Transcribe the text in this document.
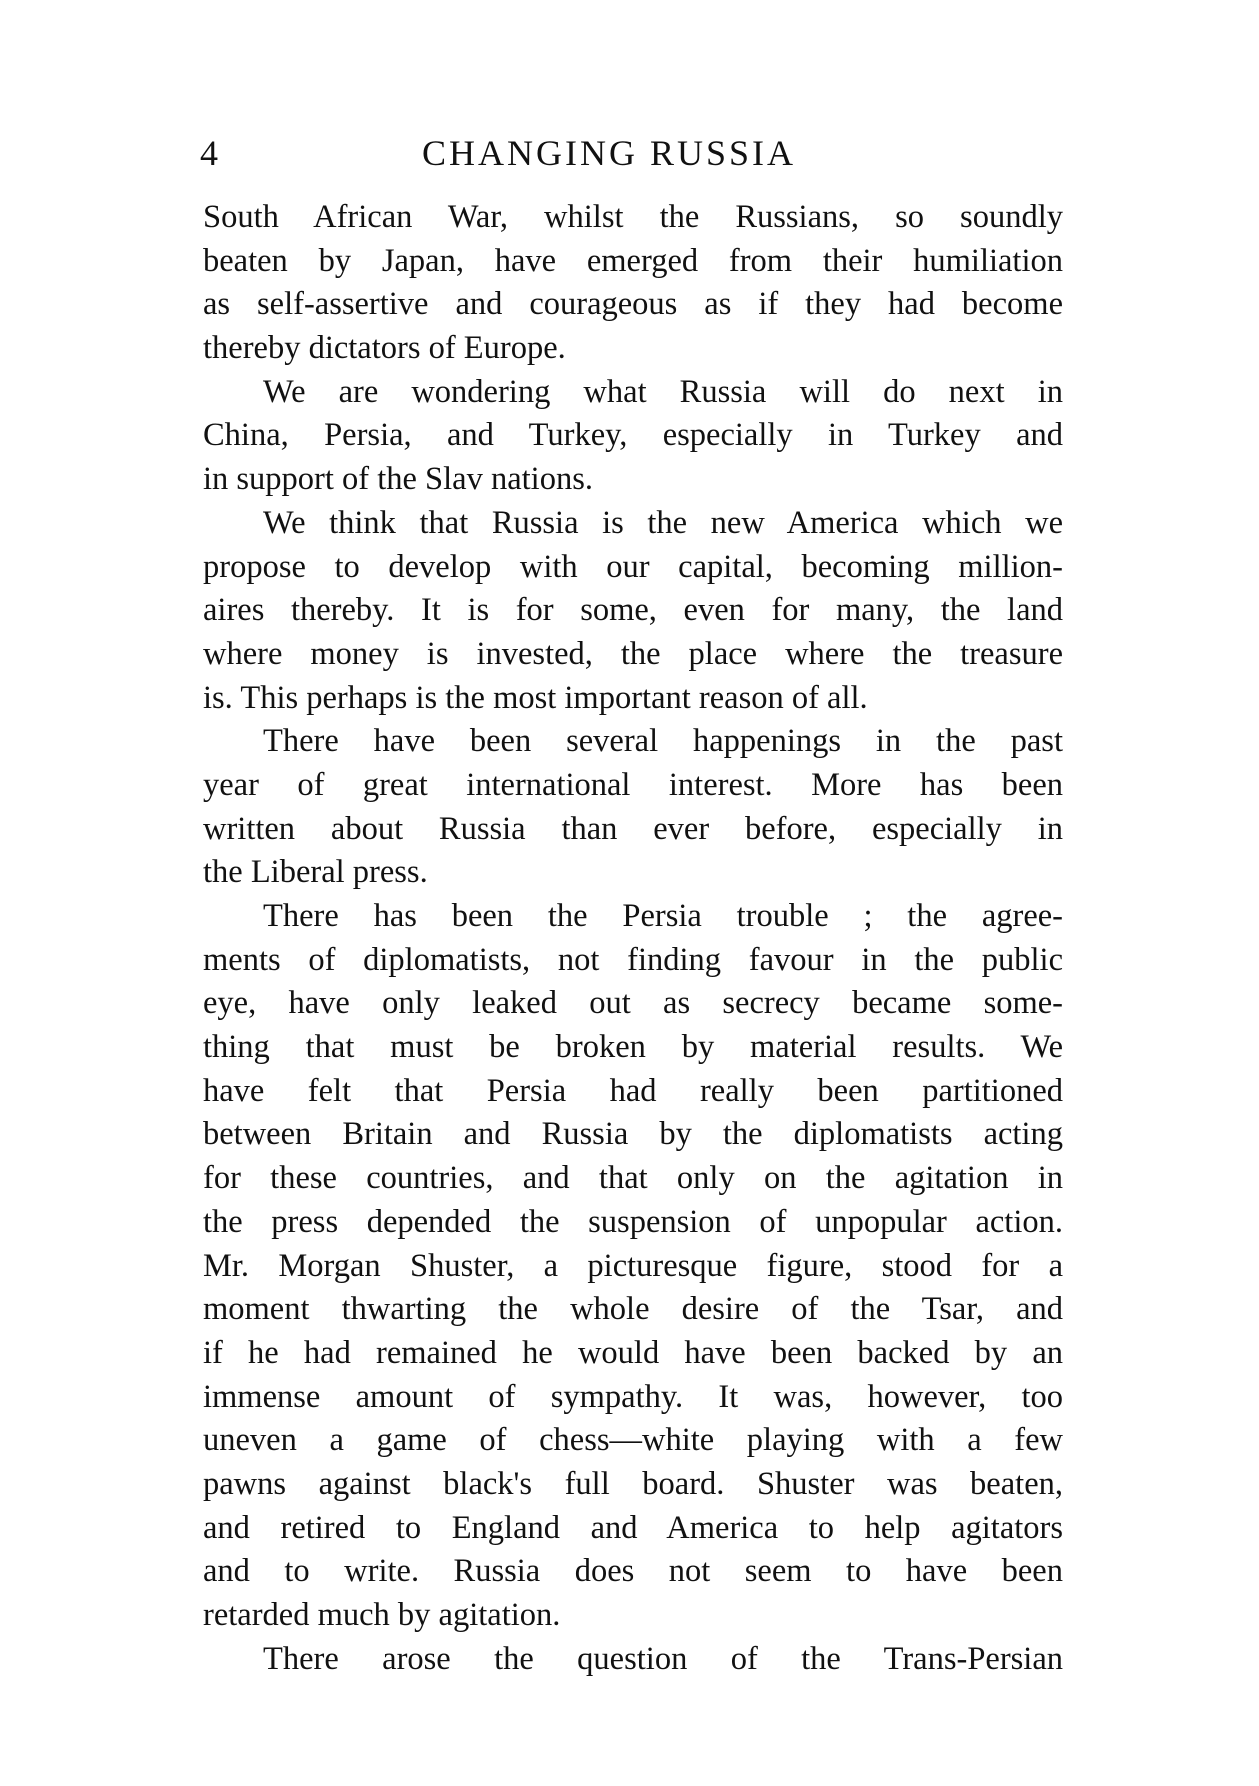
4	CHANGING RUSSIA
South African War, whilst the Russians, so soundly
beaten by Japan, have emerged from their humiliation
as self-assertive and courageous as if they had become
thereby dictators of Europe.
We are wondering what Russia will do next in
China, Persia, and Turkey, especially in Turkey and
in support of the Slav nations.
We think that Russia is the new America which we
propose to develop with our capital, becoming million-
aires thereby. It is for some, even for many, the land
where money is invested, the place where the treasure
is. This perhaps is the most important reason of all.
There have been several happenings in the past
year of great international interest. More has been
written about Russia than ever before, especially in
the Liberal press.
There has been the Persia trouble ; the agree-
ments of diplomatists, not finding favour in the public
eye, have only leaked out as secrecy became some-
thing that must be broken by material results. We
have felt that Persia had really been partitioned
between Britain and Russia by the diplomatists acting
for these countries, and that only on the agitation in
the press depended the suspension of unpopular action.
Mr. Morgan Shuster, a picturesque figure, stood for a
moment thwarting the whole desire of the Tsar, and
if he had remained he would have been backed by an
immense amount of sympathy. It was, however, too
uneven a game of chess—white playing with a few
pawns against black's full board. Shuster was beaten,
and retired to England and America to help agitators
and to write. Russia does not seem to have been
retarded much by agitation.
There arose the question of the Trans-Persian
